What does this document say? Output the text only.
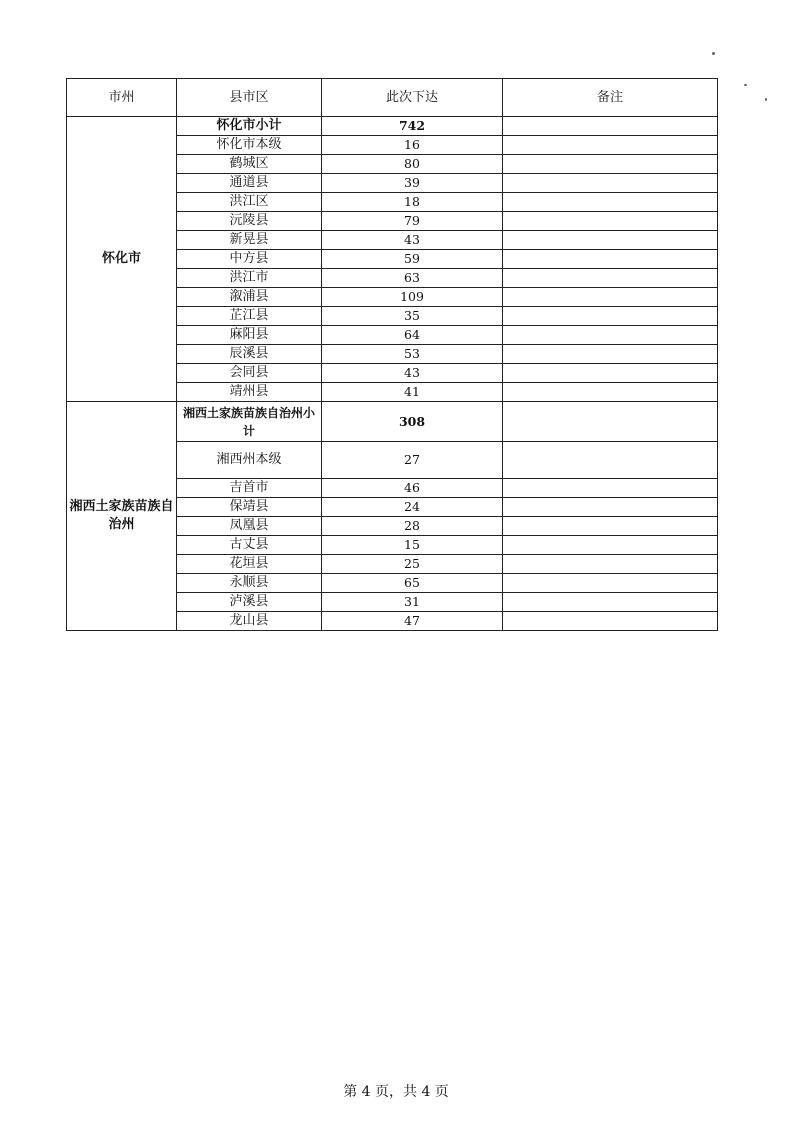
市州	县市区	此次下达	备注
怀化市	怀化市小计	742	
	怀化市本级	16	
	鹤城区	80	
	通道县	39	
	洪江区	18	
	沅陵县	79	
	新晃县	43	
	中方县	59	
	洪江市	63	
	溆浦县	109	
	芷江县	35	
	麻阳县	64	
	辰溪县	53	
	会同县	43	
	靖州县	41	
湘西土家族苗族自治州	湘西土家族苗族自治州小计	308	
	湘西州本级	27	
	吉首市	46	
	保靖县	24	
	凤凰县	28	
	古丈县	15	
	花垣县	25	
	永顺县	65	
	泸溪县	31	
	龙山县	47	
第 4 页，共 4 页
